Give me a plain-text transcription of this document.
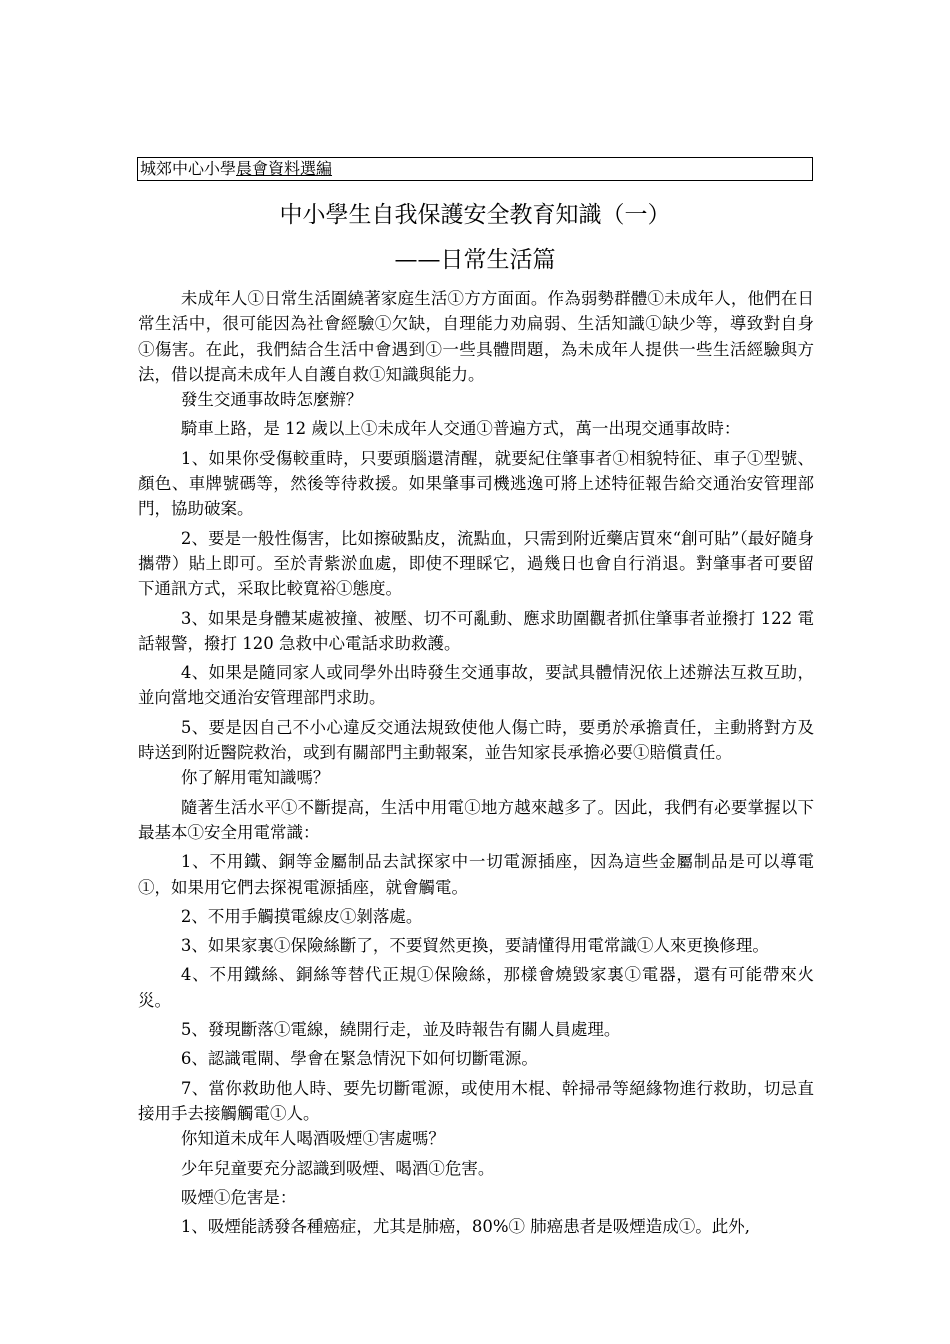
城郊中心小學晨會資料選編
中小學生自我保護安全教育知識（一）
——日常生活篇

未成年人①日常生活圍繞著家庭生活①方方面面。作為弱勢群體①未成年人，他們在日常生活中，很可能因為社會經驗①欠缺，自理能力劝扁弱、生活知識①缺少等，導致對自身①傷害。在此，我們結合生活中會遇到①一些具體問題，為未成年人提供一些生活經驗與方法，借以提高未成年人自護自救①知識與能力。

發生交通事故時怎麼辦？

騎車上路，是 12 歲以上①未成年人交通①普遍方式，萬一出現交通事故時：

1、如果你受傷較重時，只要頭腦還清醒，就要紀住肇事者①相貌特征、車子①型號、顏色、車牌號碼等，然後等待救援。如果肇事司機逃逸可將上述特征報告給交通治安管理部門，協助破案。

2、要是一般性傷害，比如擦破點皮，流點血，只需到附近藥店買來“創可貼”（最好隨身攜帶）貼上即可。至於青紫淤血處，即使不理睬它，過幾日也會自行消退。對肇事者可要留下通訊方式，采取比較寬裕①態度。

3、如果是身體某處被撞、被壓、切不可亂動、應求助圍觀者抓住肇事者並撥打 122 電話報警，撥打 120 急救中心電話求助救護。

4、如果是隨同家人或同學外出時發生交通事故，要試具體情況依上述辦法互救互助，並向當地交通治安管理部門求助。

5、要是因自己不小心違反交通法規致使他人傷亡時，要勇於承擔責任，主動將對方及時送到附近醫院救治，或到有關部門主動報案，並告知家長承擔必要①賠償責任。

你了解用電知識嗎？

隨著生活水平①不斷提高，生活中用電①地方越來越多了。因此，我們有必要掌握以下最基本①安全用電常識：

1、不用鐵、銅等金屬制品去試探家中一切電源插座，因為這些金屬制品是可以導電①，如果用它們去探視電源插座，就會觸電。

2、不用手觸摸電線皮①剝落處。

3、如果家裏①保險絲斷了，不要貿然更換，要請懂得用電常識①人來更換修理。

4、不用鐵絲、銅絲等替代正規①保險絲，那樣會燒毀家裏①電器，還有可能帶來火災。

5、發現斷落①電線，繞開行走，並及時報告有關人員處理。

6、認識電閘、學會在緊急情況下如何切斷電源。

7、當你救助他人時、要先切斷電源，或使用木棍、幹掃帚等絕緣物進行救助，切忌直接用手去接觸觸電①人。

你知道未成年人喝酒吸煙①害處嗎？

少年兒童要充分認識到吸煙、喝酒①危害。

吸煙①危害是：

1、吸煙能誘發各種癌症，尤其是肺癌，80%① 肺癌患者是吸煙造成①。此外,
